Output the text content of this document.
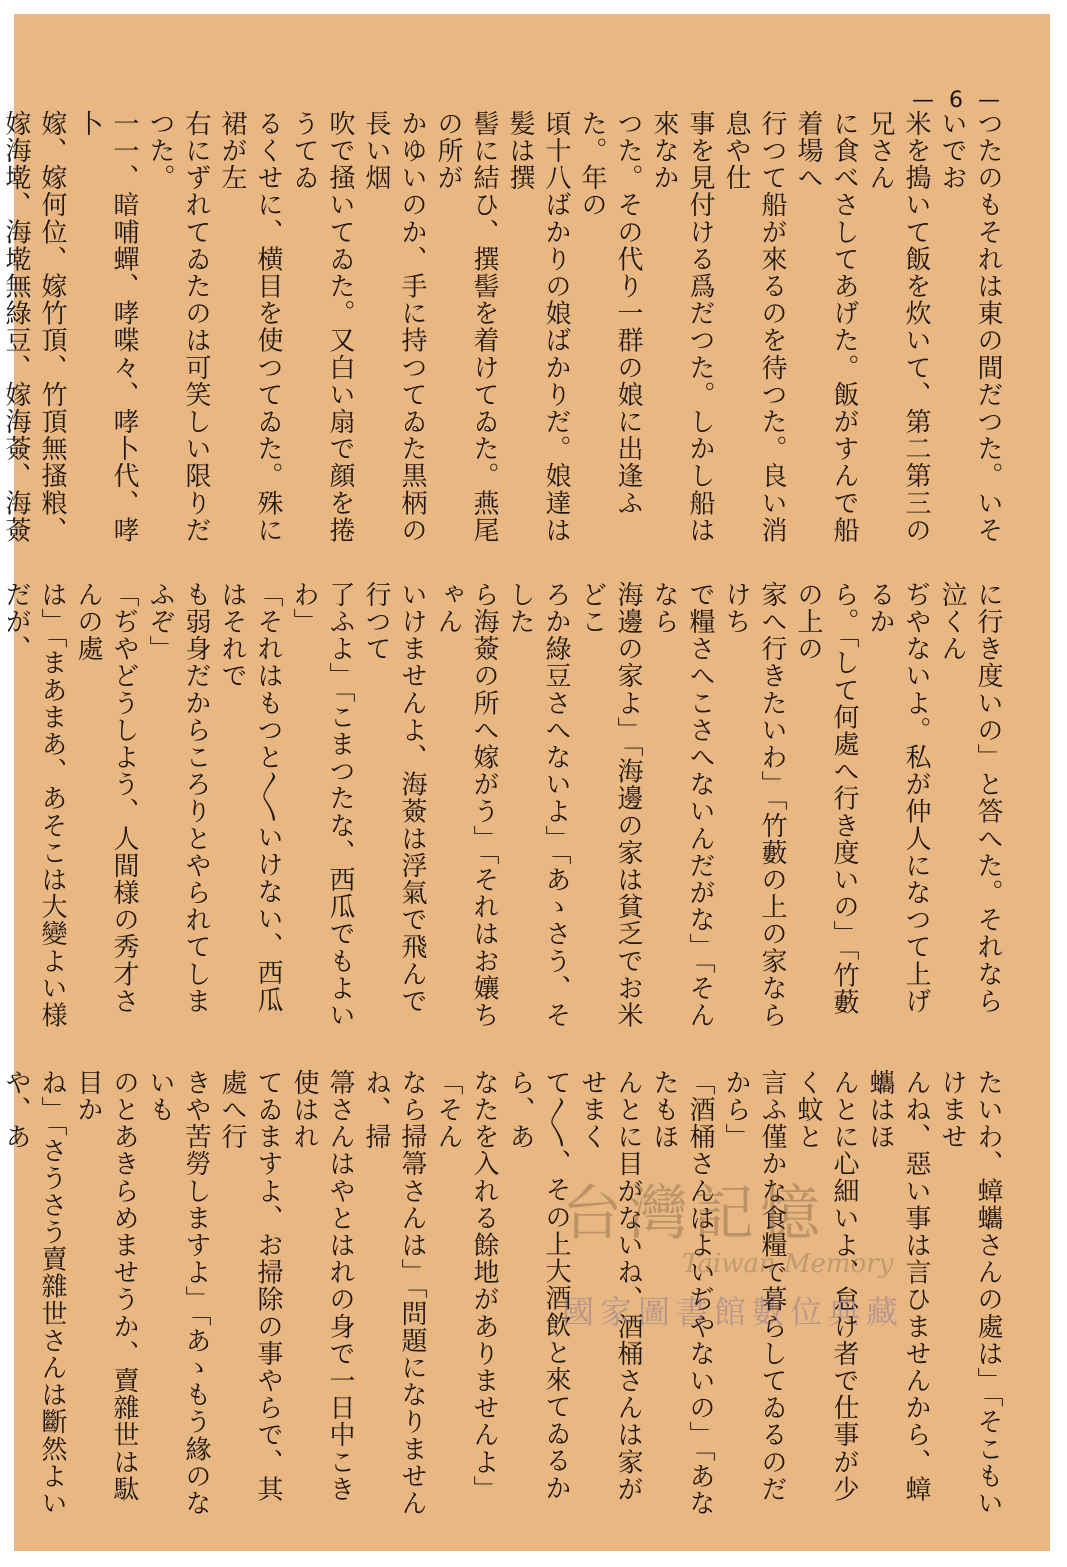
— 6 —
つたのもそれは東の間だつた。いそいでお
米を搗いて飯を炊いて、第二第三の兄さん
に食べさしてあげた。飯がすんで船着場へ
行つて船が來るのを待つた。良い消息や仕
事を見付ける爲だつた。しかし船は來なか
つた。その代り一群の娘に出逢ふた。年の
頃十八ばかりの娘ばかりだ。娘達は髪は撰
髻に結ひ、撰髻を着けてゐた。燕尾の所が
かゆいのか、手に持つてゐた黒柄の長い烟
吹で掻いてゐた。又白い扇で顔を捲うてゐ
るくせに、横目を使つてゐた。殊に裙が左
右にずれてゐたのは可笑しい限りだつた。
一一、暗哺蟬、哮喋々、哮卜代、哮卜
嫁、嫁何位、嫁竹頂、竹頂無搔粮、
嫁海墘、海墘無綠豆、嫁海薟、海薟

に行き度いの」と答へた。それなら泣くん
ぢやないよ。私が仲人になつて上げるか
ら。「して何處へ行き度いの」「竹藪の上の
家へ行きたいわ」「竹藪の上の家ならけち
で糧さへこさへないんだがな」「そんなら
海邊の家よ」「海邊の家は貧乏でお米どこ
ろか綠豆さへないよ」「あゝさう、そした
ら海薟の所へ嫁がう」「それはお孃ちゃん
いけませんよ、海薟は浮氣で飛んで行つて
了ふよ」「こまつたな、西瓜でもよいわ」
「それはもつと〳〵いけない、西瓜はそれで
も弱身だからころりとやられてしまふぞ」
「ぢやどうしよう、人間様の秀才さんの處
は」「まあまあ、あそこは大變よい様だが、

たいわ、蟑蠵さんの處は」「そこもいけませ
んね、惡い事は言ひませんから、蟑蠵はほ
んとに心細いよ、怠け者で仕事が少く蚊と
言ふ僅かな食糧で暮らしてゐるのだから」
「酒桶さんはよいぢやないの」「あなたもほ
んとに目がないね、酒桶さんは家がせまく
て〳〵、その上大酒飲と來てゐるから、あ
なたを入れる餘地がありませんよ」「そん
なら掃箒さんは」「問題になりませんね、掃
箒さんはやとはれの身で一日中こき使はれ
てゐますよ、お掃除の事やらで、其處へ行
きや苦勞しますよ」「あゝもう緣のないも
のとあきらめませうか、賣雜世は駄目か
ね」「さうさう賣雜世さんは斷然よいや、あ

台灣記憶
Taiwan Memory
國家圖書館數位典藏
